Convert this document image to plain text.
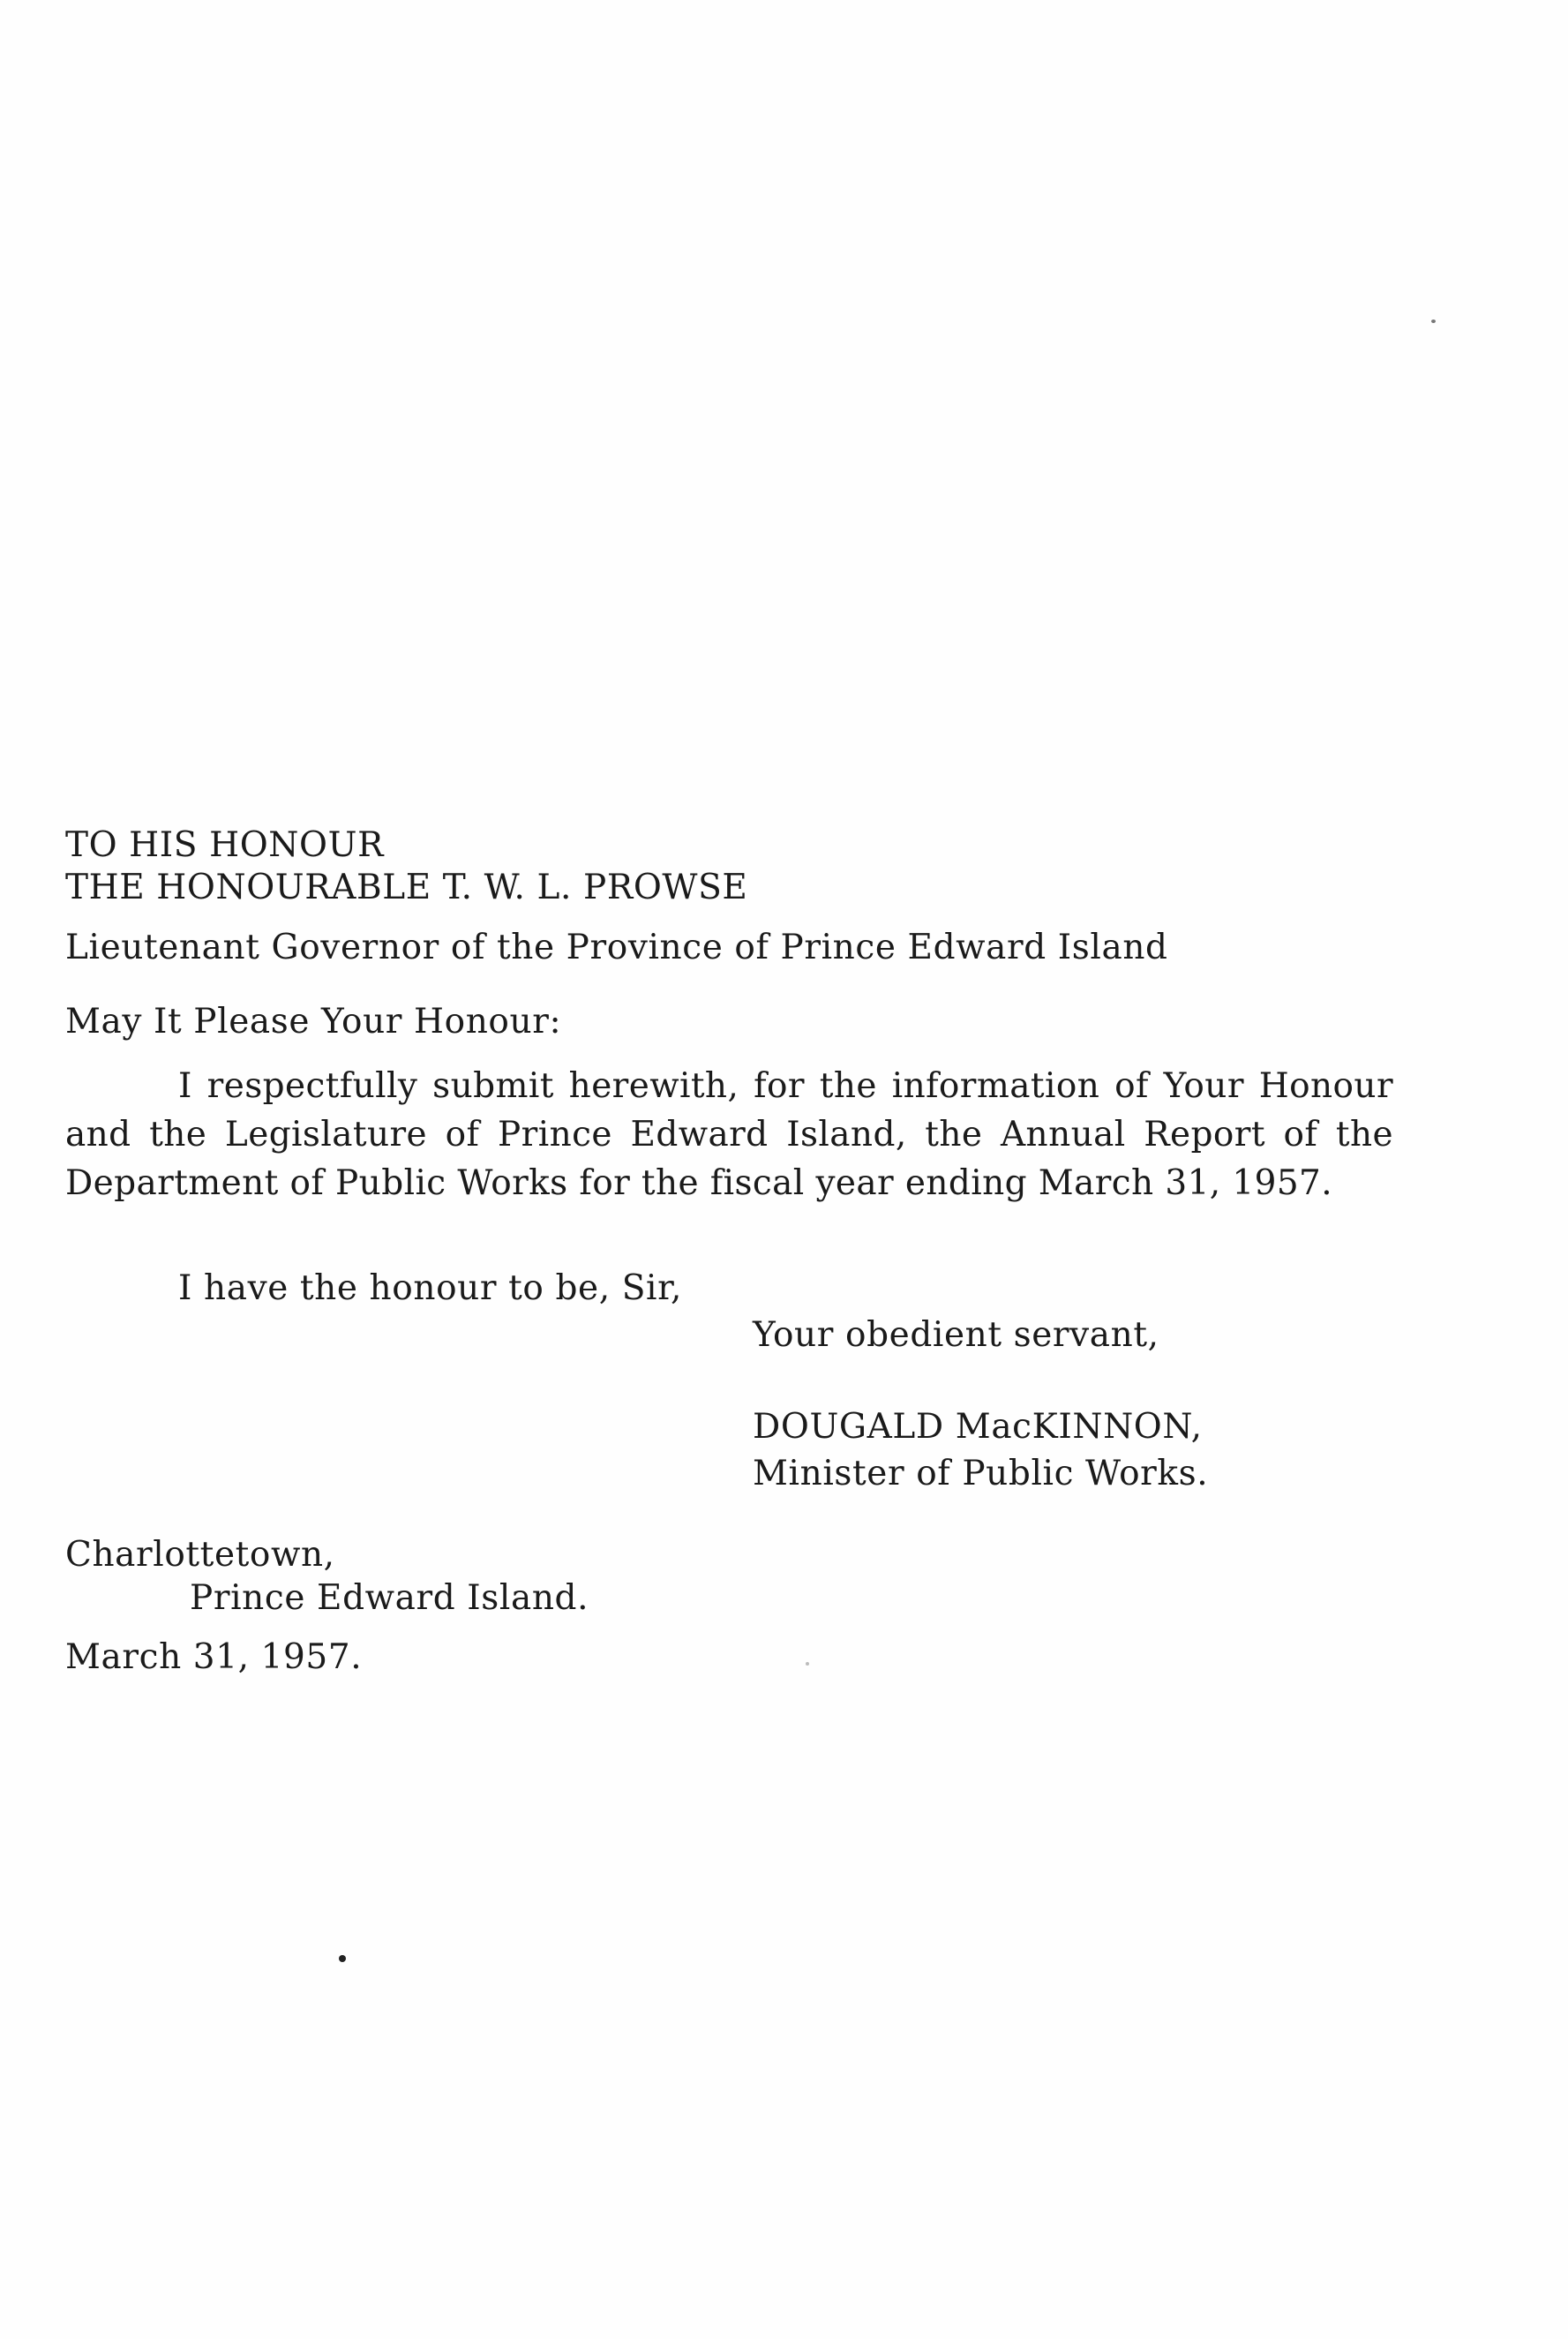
TO HIS HONOUR
THE HONOURABLE T. W. L. PROWSE
Lieutenant Governor of the Province of Prince Edward Island
May It Please Your Honour:
I respectfully submit herewith, for the information of Your Honour and the Legislature of Prince Edward Island, the Annual Report of the Department of Public Works for the fiscal year ending March 31, 1957.
I have the honour to be, Sir,
Your obedient servant,
DOUGALD MacKINNON,
Minister of Public Works.
Charlottetown,
Prince Edward Island.
March 31, 1957.
